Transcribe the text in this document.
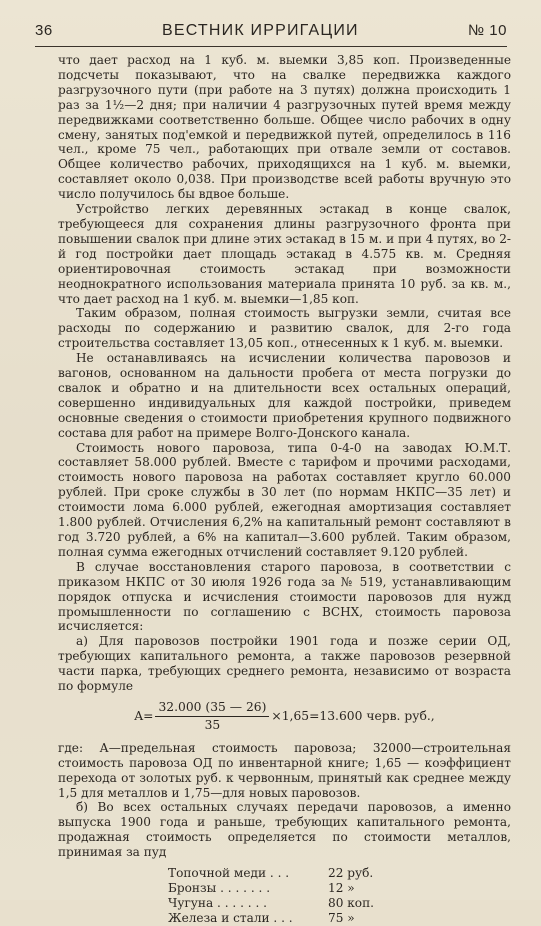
36	ВЕСТНИК ИРРИГАЦИИ	№ 10

что дает расход на 1 куб. м. выемки 3,85 коп. Произведенные подсчеты показывают, что на свалке передвижка каждого разгрузочного пути (при работе на 3 путях) должна происходить 1 раз за 1½—2 дня; при наличии 4 разгрузочных путей время между передвижками соответственно больше. Общее число рабочих в одну смену, занятых под'емкой и передвижкой путей, определилось в 116 чел., кроме 75 чел., работающих при отвале земли от составов. Общее количество рабочих, приходящихся на 1 куб. м. выемки, составляет около 0,038. При производстве всей работы вручную это число получилось бы вдвое больше.

Устройство легких деревянных эстакад в конце свалок, требующееся для сохранения длины разгрузочного фронта при повышении свалок при длине этих эстакад в 15 м. и при 4 путях, во 2-й год постройки дает площадь эстакад в 4.575 кв. м. Средняя ориентировочная стоимость эстакад при возможности неоднократного использования материала принята 10 руб. за кв. м., что дает расход на 1 куб. м. выемки—1,85 коп.

Таким образом, полная стоимость выгрузки земли, считая все расходы по содержанию и развитию свалок, для 2-го года строительства составляет 13,05 коп., отнесенных к 1 куб. м. выемки.

Не останавливаясь на исчислении количества паровозов и вагонов, основанном на дальности пробега от места погрузки до свалок и обратно и на длительности всех остальных операций, совершенно индивидуальных для каждой постройки, приведем основные сведения о стоимости приобретения крупного подвижного состава для работ на примере Волго-Донского канала.

Стоимость нового паровоза, типа 0-4-0 на заводах Ю.М.Т. составляет 58.000 рублей. Вместе с тарифом и прочими расходами, стоимость нового паровоза на работах составляет кругло 60.000 рублей. При сроке службы в 30 лет (по нормам НКПС—35 лет) и стоимости лома 6.000 рублей, ежегодная амортизация составляет 1.800 рублей. Отчисления 6,2% на капитальный ремонт составляют в год 3.720 рублей, а 6% на капитал—3.600 рублей. Таким образом, полная сумма ежегодных отчислений составляет 9.120 рублей.

В случае восстановления старого паровоза, в соответствии с приказом НКПС от 30 июля 1926 года за № 519, устанавливающим порядок отпуска и исчисления стоимости паровозов для нужд промышленности по соглашению с ВСНХ, стоимость паровоза исчисляется:

а) Для паровозов постройки 1901 года и позже серии ОД, требующих капитального ремонта, а также паровозов резервной части парка, требующих среднего ремонта, независимо от возраста по формуле

$A= \frac{32.000 (35 — 26)}{35} \times 1,65=13.600$ черв. руб.,

где: А—предельная стоимость паровоза; 32000—строительная стоимость паровоза ОД по инвентарной книге; 1,65 — коэффициент перехода от золотых руб. к червонным, принятый как среднее между 1,5 для металлов и 1,75—для новых паровозов.

б) Во всех остальных случаях передачи паровозов, а именно выпуска 1900 года и раньше, требующих капитального ремонта, продажная стоимость определяется по стоимости металлов, принимая за пуд

Топочной меди . . .	22 руб.
Бронзы . . . . . . .	12 »
Чугуна . . . . . . .	80 коп.
Железа и стали . . .	75 »
